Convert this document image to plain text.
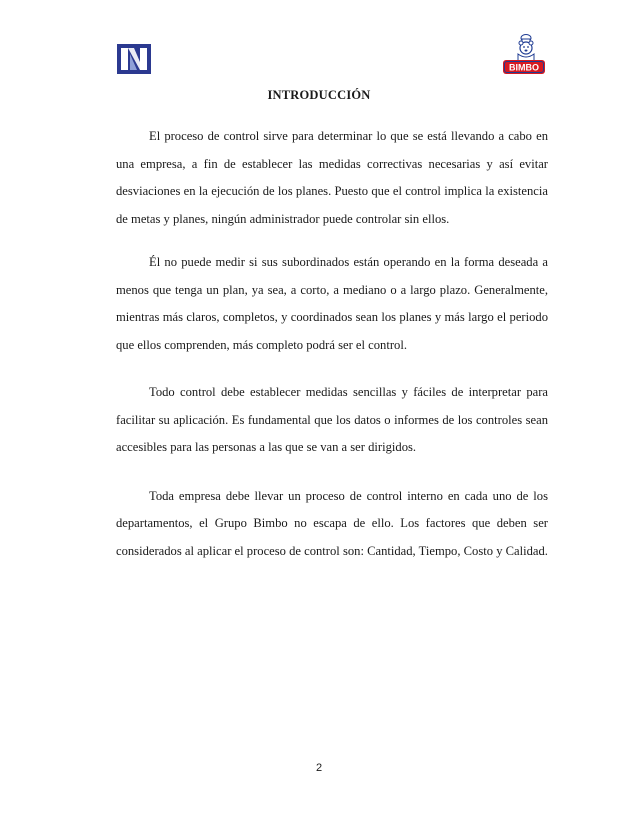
BIMBO
INTRODUCCIÓN

El proceso de control sirve para determinar lo que se está llevando a cabo en una empresa, a fin de establecer las medidas correctivas necesarias y así evitar desviaciones en la ejecución de los planes. Puesto que el control implica la existencia de metas y planes, ningún administrador puede controlar sin ellos.

Él no puede medir si sus subordinados están operando en la forma deseada a menos que tenga un plan, ya sea, a corto, a mediano o a largo plazo. Generalmente, mientras más claros, completos, y coordinados sean los planes y más largo el periodo que ellos comprenden, más completo podrá ser el control.

Todo control debe establecer medidas sencillas y fáciles de interpretar para facilitar su aplicación. Es fundamental que los datos o informes de los controles sean accesibles para las personas a las que se van a ser dirigidos.

Toda empresa debe llevar un proceso de control interno en cada uno de los departamentos, el Grupo Bimbo no escapa de ello. Los factores que deben ser considerados al aplicar el proceso de control son: Cantidad, Tiempo, Costo y Calidad.

2
